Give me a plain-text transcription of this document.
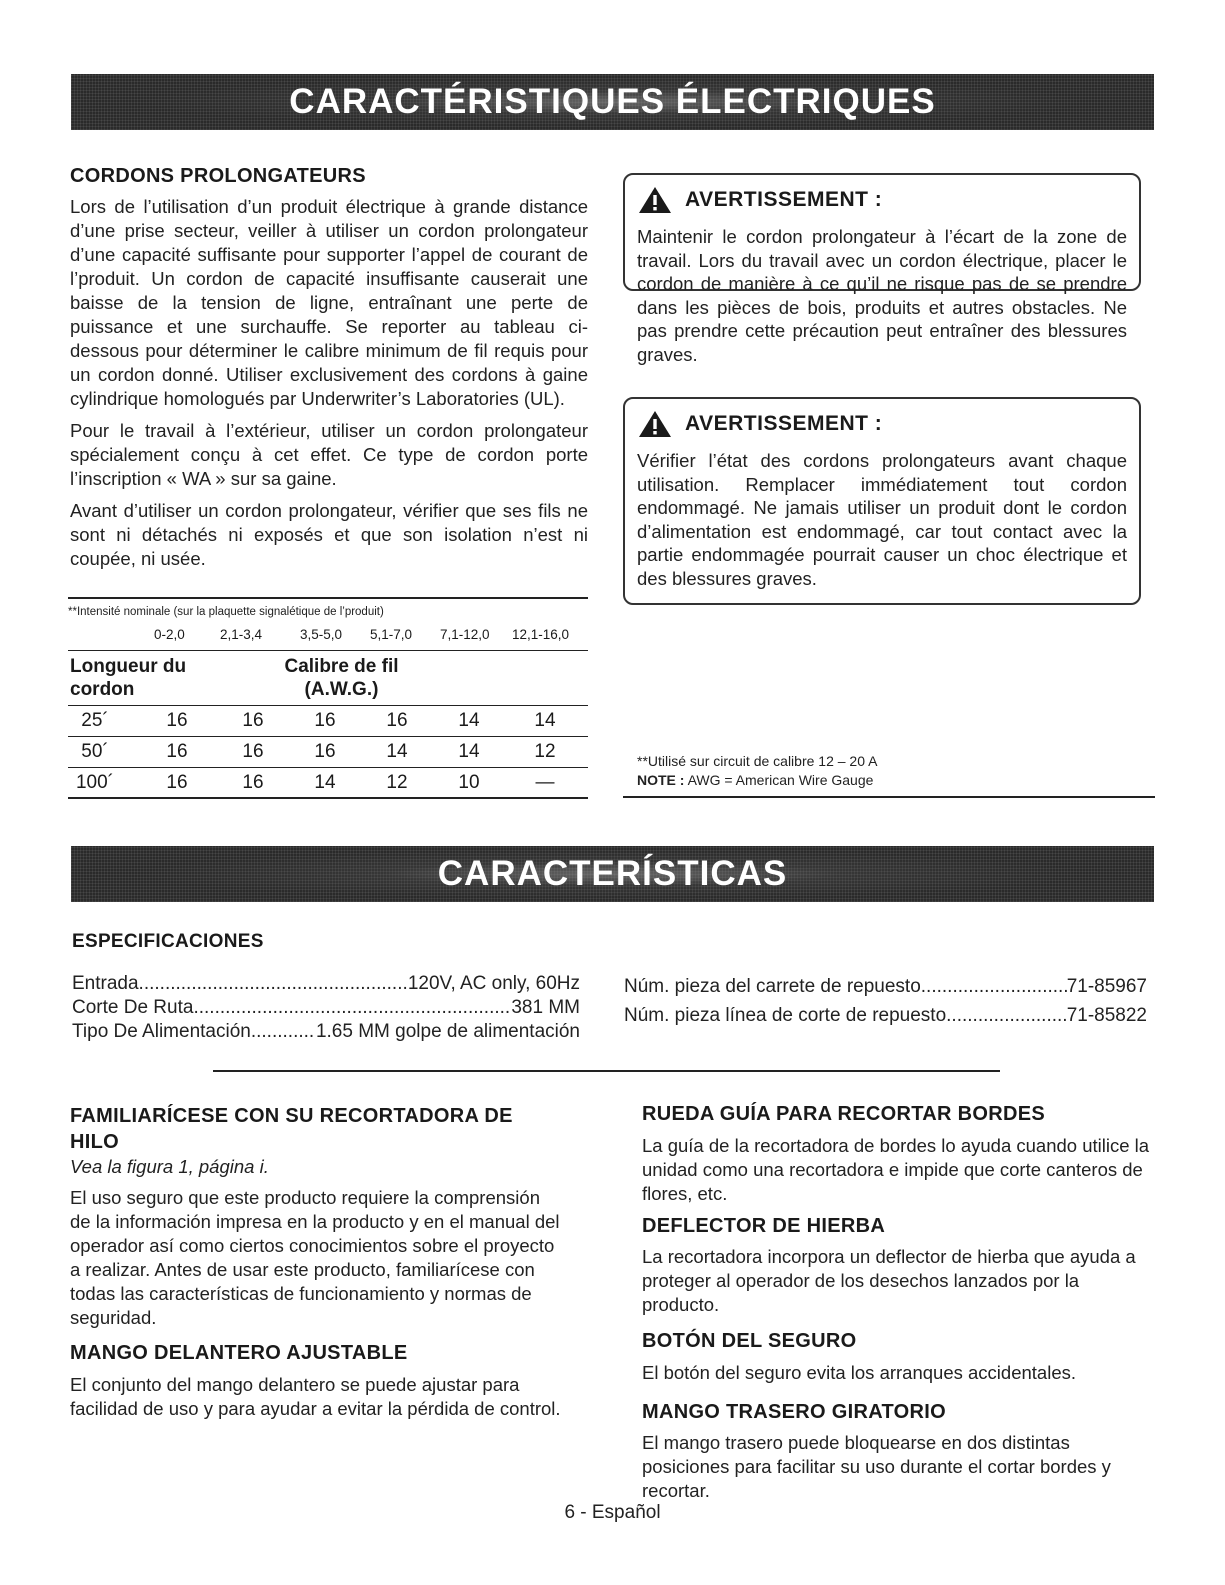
CARACTÉRISTIQUES ÉLECTRIQUES
CORDONS PROLONGATEURS

Lors de l’utilisation d’un produit électrique à grande distance d’une prise secteur, veiller à utiliser un cordon prolongateur d’une capacité suffisante pour supporter l’appel de courant de l’produit. Un cordon de capacité insuffisante causerait une baisse de la tension de ligne, entraînant une perte de puissance et une surchauffe. Se reporter au tableau ci-dessous pour déterminer le calibre minimum de fil requis pour un cordon donné. Utiliser exclusivement des cordons à gaine cylindrique homologués par Underwriter’s Laboratories (UL).

Pour le travail à l’extérieur, utiliser un cordon prolongateur spécialement conçu à cet effet. Ce type de cordon porte l’inscription « WA » sur sa gaine.

Avant d’utiliser un cordon prolongateur, vérifier que ses fils ne sont ni détachés ni exposés et que son isolation n’est ni coupée, ni usée.

AVERTISSEMENT :
Maintenir le cordon prolongateur à l’écart de la zone de travail. Lors du travail avec un cordon électrique, placer le cordon de manière à ce qu’il ne risque pas de se prendre dans les pièces de bois, produits et autres obstacles. Ne pas prendre cette précaution peut entraîner des blessures graves.
AVERTISSEMENT :
Vérifier l’état des cordons prolongateurs avant chaque utilisation. Remplacer immédiatement tout cordon endommagé. Ne jamais utiliser un produit dont le cordon d’alimentation est endommagé, car tout contact avec la partie endommagée pourrait causer un choc électrique et des blessures graves.
**Intensité nominale (sur la plaquette signalétique de l’produit)
0-2,0	2,1-3,4	3,5-5,0	5,1-7,0	7,1-12,0	12,1-16,0
Longueur du
cordon
Calibre de fil
(A.W.G.)
25´	16	16	16	16	14	14
50´	16	16	16	14	14	12
100´	16	16	14	12	10	—
**Utilisé sur circuit de calibre 12 – 20 A
NOTE : AWG = American Wire Gauge
CARACTERÍSTICAS
ESPECIFICACIONES
Entrada .....	120V, AC only, 60Hz
Corte De Ruta .....	381 MM
Tipo De Alimentación .....	1.65 MM golpe de alimentación
Núm. pieza del carrete de repuesto .....	71-85967
Núm. pieza línea de corte de repuesto .....	71-85822
FAMILIARÍCESE CON SU RECORTADORA DE
HILO
Vea la figura 1, página i.
El uso seguro que este producto requiere la comprensión de la información impresa en la producto y en el manual del operador así como ciertos conocimientos sobre el proyecto a realizar. Antes de usar este producto, familiarícese con todas las características de funcionamiento y normas de seguridad.
MANGO DELANTERO AJUSTABLE
El conjunto del mango delantero se puede ajustar para facilidad de uso y para ayudar a evitar la pérdida de control.
RUEDA GUÍA PARA RECORTAR BORDES
La guía de la recortadora de bordes lo ayuda cuando utilice la unidad como una recortadora e impide que corte canteros de flores, etc.
DEFLECTOR DE HIERBA
La recortadora incorpora un deflector de hierba que ayuda a proteger al operador de los desechos lanzados por la producto.
BOTÓN DEL SEGURO
El botón del seguro evita los arranques accidentales.
MANGO TRASERO GIRATORIO
El mango trasero puede bloquearse en dos distintas posiciones para facilitar su uso durante el cortar bordes y recortar.
6 - Español
